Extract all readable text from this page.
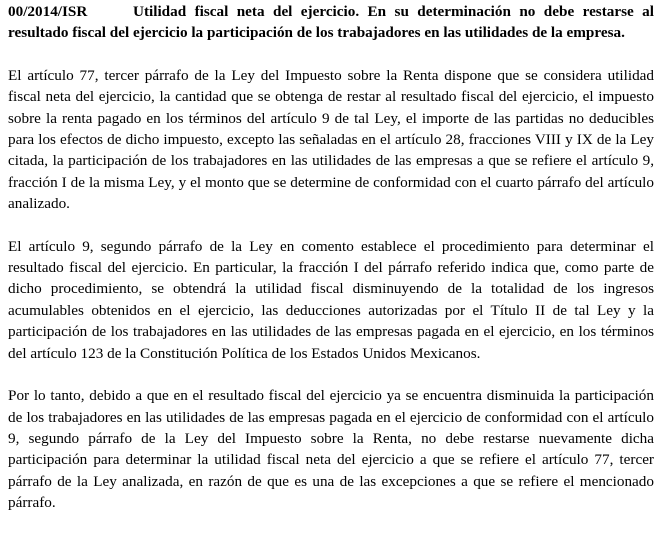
00/2014/ISR	Utilidad fiscal neta del ejercicio. En su determinación no debe restarse al resultado fiscal del ejercicio la participación de los trabajadores en las utilidades de la empresa.

El artículo 77, tercer párrafo de la Ley del Impuesto sobre la Renta dispone que se considera utilidad fiscal neta del ejercicio, la cantidad que se obtenga de restar al resultado fiscal del ejercicio, el impuesto sobre la renta pagado en los términos del artículo 9 de tal Ley, el importe de las partidas no deducibles para los efectos de dicho impuesto, excepto las señaladas en el artículo 28, fracciones VIII y IX de la Ley citada, la participación de los trabajadores en las utilidades de las empresas a que se refiere el artículo 9, fracción I de la misma Ley, y el monto que se determine de conformidad con el cuarto párrafo del artículo analizado.

El artículo 9, segundo párrafo de la Ley en comento establece el procedimiento para determinar el resultado fiscal del ejercicio. En particular, la fracción I del párrafo referido indica que, como parte de dicho procedimiento, se obtendrá la utilidad fiscal disminuyendo de la totalidad de los ingresos acumulables obtenidos en el ejercicio, las deducciones autorizadas por el Título II de tal Ley y la participación de los trabajadores en las utilidades de las empresas pagada en el ejercicio, en los términos del artículo 123 de la Constitución Política de los Estados Unidos Mexicanos.

Por lo tanto, debido a que en el resultado fiscal del ejercicio ya se encuentra disminuida la participación de los trabajadores en las utilidades de las empresas pagada en el ejercicio de conformidad con el artículo 9, segundo párrafo de la Ley del Impuesto sobre la Renta, no debe restarse nuevamente dicha participación para determinar la utilidad fiscal neta del ejercicio a que se refiere el artículo 77, tercer párrafo de la Ley analizada, en razón de que es una de las excepciones a que se refiere el mencionado párrafo.
